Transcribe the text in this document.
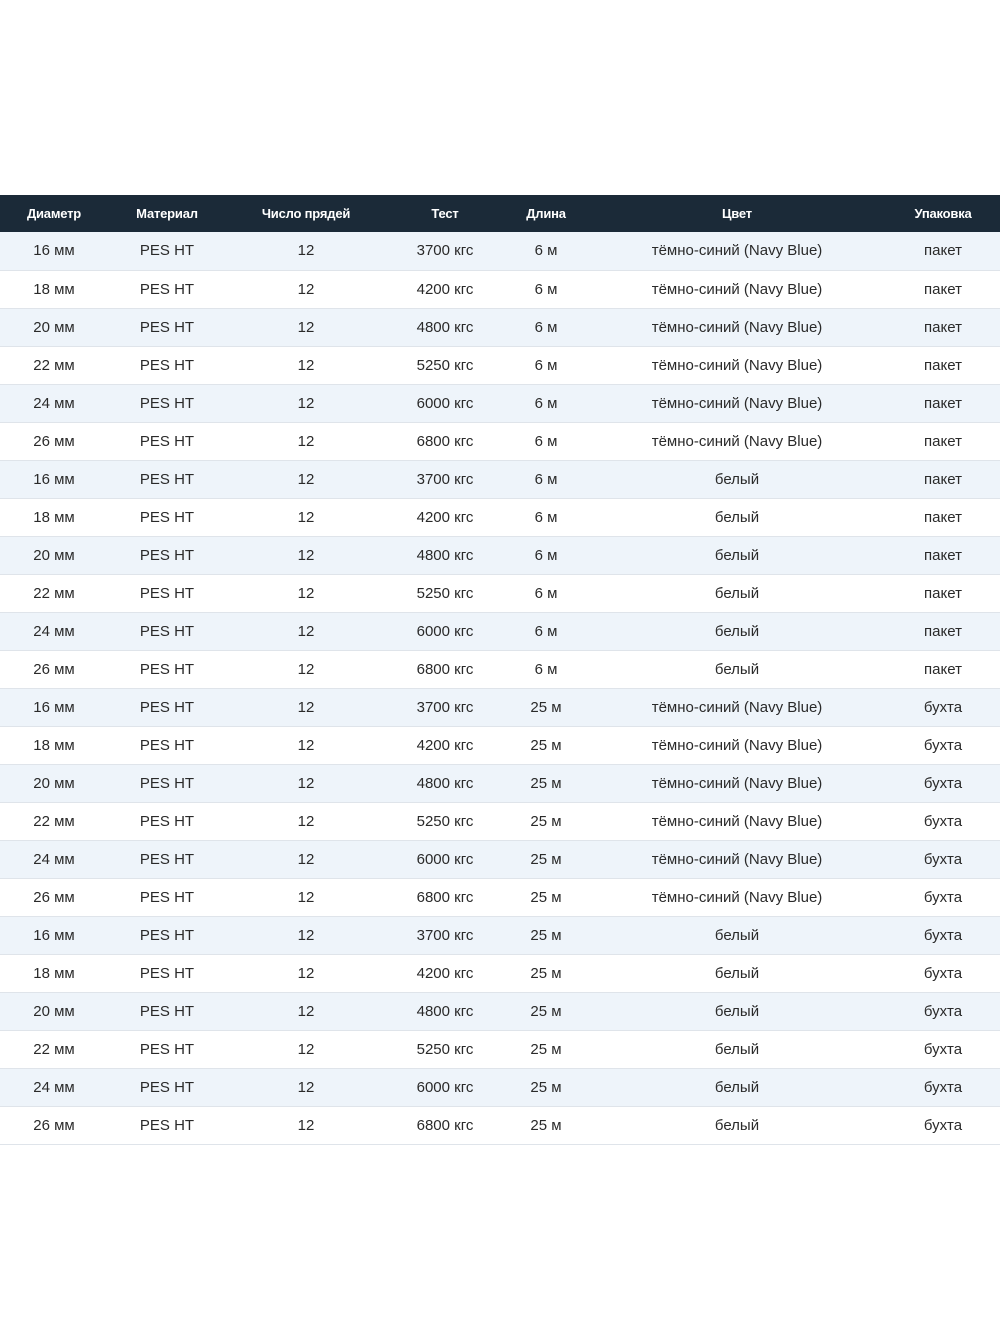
Диаметр	Материал	Число прядей	Тест	Длина	Цвет	Упаковка
16 мм	PES HT	12	3700 кгс	6 м	тёмно-синий (Navy Blue)	пакет
18 мм	PES HT	12	4200 кгс	6 м	тёмно-синий (Navy Blue)	пакет
20 мм	PES HT	12	4800 кгс	6 м	тёмно-синий (Navy Blue)	пакет
22 мм	PES HT	12	5250 кгс	6 м	тёмно-синий (Navy Blue)	пакет
24 мм	PES HT	12	6000 кгс	6 м	тёмно-синий (Navy Blue)	пакет
26 мм	PES HT	12	6800 кгс	6 м	тёмно-синий (Navy Blue)	пакет
16 мм	PES HT	12	3700 кгс	6 м	белый	пакет
18 мм	PES HT	12	4200 кгс	6 м	белый	пакет
20 мм	PES HT	12	4800 кгс	6 м	белый	пакет
22 мм	PES HT	12	5250 кгс	6 м	белый	пакет
24 мм	PES HT	12	6000 кгс	6 м	белый	пакет
26 мм	PES HT	12	6800 кгс	6 м	белый	пакет
16 мм	PES HT	12	3700 кгс	25 м	тёмно-синий (Navy Blue)	бухта
18 мм	PES HT	12	4200 кгс	25 м	тёмно-синий (Navy Blue)	бухта
20 мм	PES HT	12	4800 кгс	25 м	тёмно-синий (Navy Blue)	бухта
22 мм	PES HT	12	5250 кгс	25 м	тёмно-синий (Navy Blue)	бухта
24 мм	PES HT	12	6000 кгс	25 м	тёмно-синий (Navy Blue)	бухта
26 мм	PES HT	12	6800 кгс	25 м	тёмно-синий (Navy Blue)	бухта
16 мм	PES HT	12	3700 кгс	25 м	белый	бухта
18 мм	PES HT	12	4200 кгс	25 м	белый	бухта
20 мм	PES HT	12	4800 кгс	25 м	белый	бухта
22 мм	PES HT	12	5250 кгс	25 м	белый	бухта
24 мм	PES HT	12	6000 кгс	25 м	белый	бухта
26 мм	PES HT	12	6800 кгс	25 м	белый	бухта
